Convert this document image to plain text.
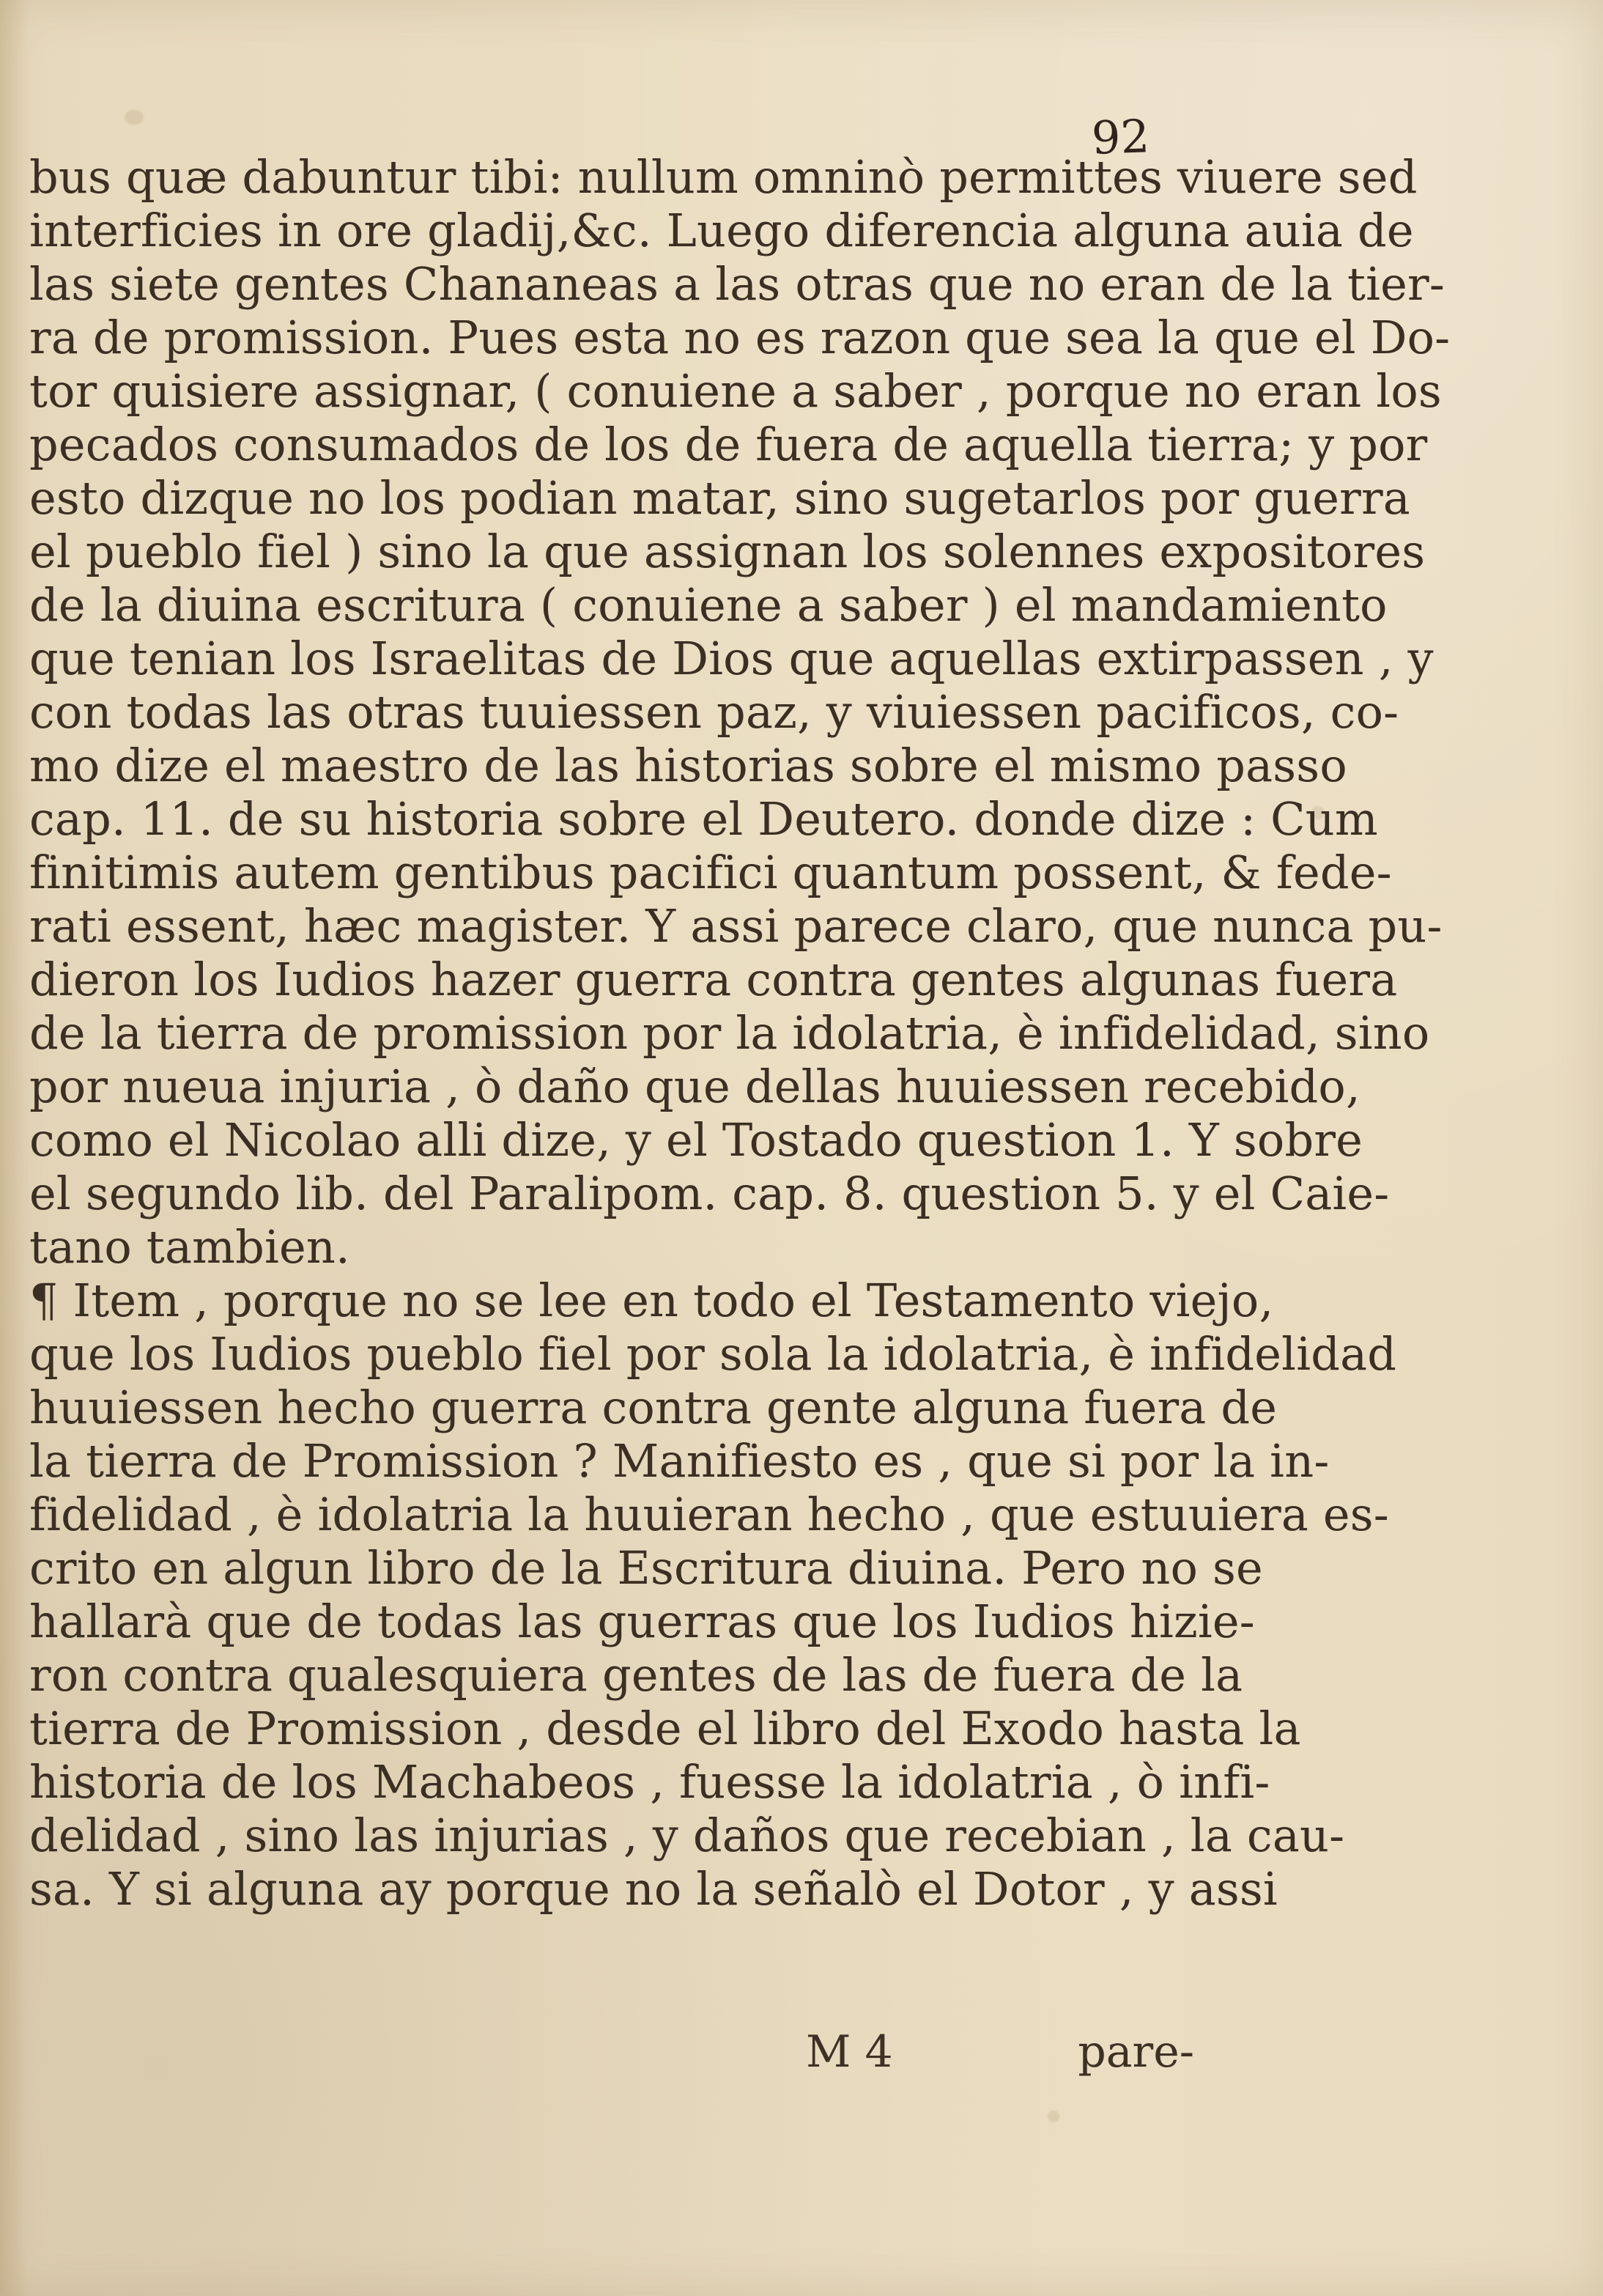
92
bus quæ dabuntur tibi: nullum omninò permittes viuere sed
interficies in ore gladij,&c. Luego diferencia alguna auia de
las siete gentes Chananeas a las otras que no eran de la tier-
ra de promission. Pues esta no es razon que sea la que el Do-
tor quisiere assignar, ( conuiene a saber , porque no eran los
pecados consumados de los de fuera de aquella tierra; y por
esto dizque no los podian matar, sino sugetarlos por guerra
el pueblo fiel ) sino la que assignan los solennes expositores
de la diuina escritura ( conuiene a saber ) el mandamiento
que tenian los Israelitas de Dios que aquellas extirpassen , y
con todas las otras tuuiessen paz, y viuiessen pacificos, co-
mo dize el maestro de las historias sobre el mismo passo
cap. 11. de su historia sobre el Deutero. donde dize : Cum
finitimis autem gentibus pacifici quantum possent, & fede-
rati essent, hæc magister. Y assi parece claro, que nunca pu-
dieron los Iudios hazer guerra contra gentes algunas fuera
de la tierra de promission por la idolatria, è infidelidad, sino
por nueua injuria , ò daño que dellas huuiessen recebido,
como el Nicolao alli dize, y el Tostado question 1. Y sobre
el segundo lib. del Paralipom. cap. 8. question 5. y el Caie-
tano tambien.
¶ Item , porque no se lee en todo el Testamento viejo,
que los Iudios pueblo fiel por sola la idolatria, è infidelidad
huuiessen hecho guerra contra gente alguna fuera de
la tierra de Promission ? Manifiesto es , que si por la in-
fidelidad , è idolatria la huuieran hecho , que estuuiera es-
crito en algun libro de la Escritura diuina. Pero no se
hallarà que de todas las guerras que los Iudios hizie-
ron contra qualesquiera gentes de las de fuera de la
tierra de Promission , desde el libro del Exodo hasta la
historia de los Machabeos , fuesse la idolatria , ò infi-
delidad , sino las injurias , y daños que recebian , la cau-
sa. Y si alguna ay porque no la señalò el Dotor , y assi
M 4	pare-
